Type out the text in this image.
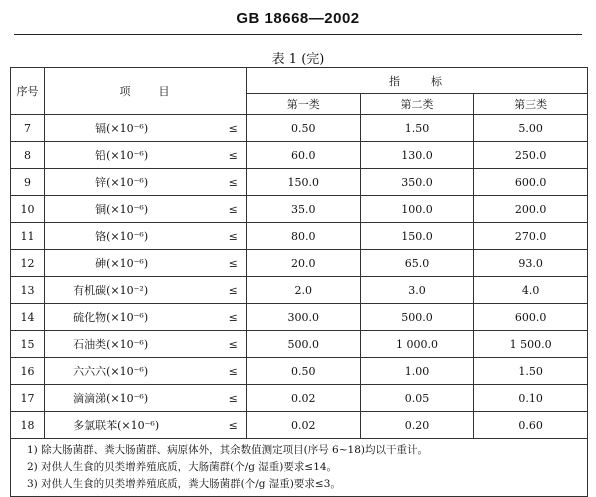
GB 18668—2002
表 1 (完)
序号	项　　目		指　　标		
			第一类	第二类	第三类
7	镉(×10⁻⁶)	≤	0.50	1.50	5.00
8	铅(×10⁻⁶)	≤	60.0	130.0	250.0
9	锌(×10⁻⁶)	≤	150.0	350.0	600.0
10	铜(×10⁻⁶)	≤	35.0	100.0	200.0
11	铬(×10⁻⁶)	≤	80.0	150.0	270.0
12	砷(×10⁻⁶)	≤	20.0	65.0	93.0
13	有机碳(×10⁻²)	≤	2.0	3.0	4.0
14	硫化物(×10⁻⁶)	≤	300.0	500.0	600.0
15	石油类(×10⁻⁶)	≤	500.0	1 000.0	1 500.0
16	六六六(×10⁻⁶)	≤	0.50	1.00	1.50
17	滴滴涕(×10⁻⁶)	≤	0.02	0.05	0.10
18	多氯联苯(×10⁻⁶)	≤	0.02	0.20	0.60

1) 除大肠菌群、粪大肠菌群、病原体外，其余数值测定项目(序号 6~18)均以干重计。
2) 对供人生食的贝类增养殖底质，大肠菌群(个/g 湿重)要求≤14。
3) 对供人生食的贝类增养殖底质，粪大肠菌群(个/g 湿重)要求≤3。					
